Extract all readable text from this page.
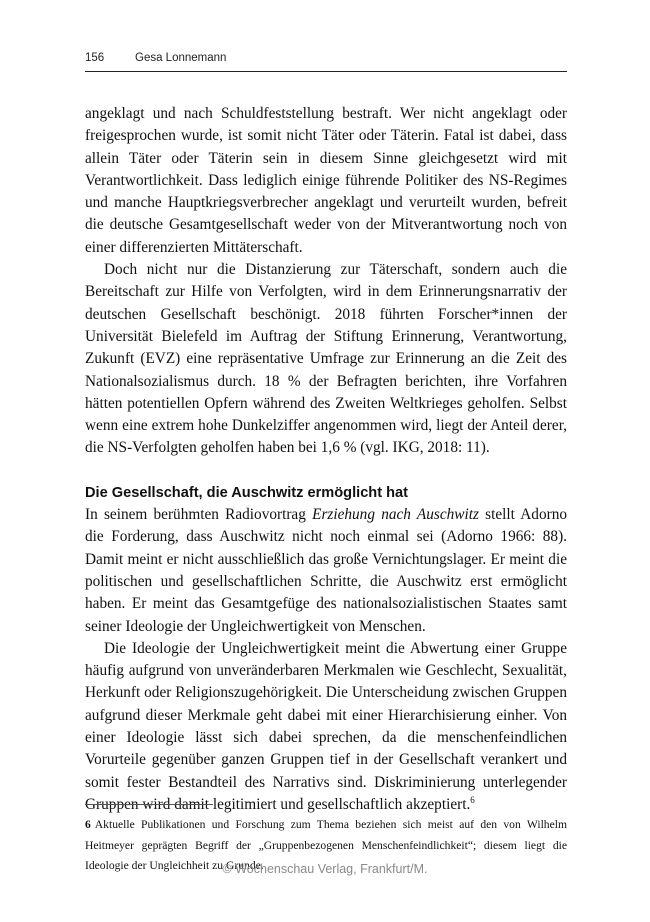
156	Gesa Lonnemann

angeklagt und nach Schuldfeststellung bestraft. Wer nicht angeklagt oder freigesprochen wurde, ist somit nicht Täter oder Täterin. Fatal ist dabei, dass allein Täter oder Täterin sein in diesem Sinne gleichgesetzt wird mit Verantwortlichkeit. Dass lediglich einige führende Politiker des NS-Regimes und manche Hauptkriegsverbrecher angeklagt und verurteilt wurden, befreit die deutsche Gesamtgesellschaft weder von der Mitverantwortung noch von einer differenzierten Mittäterschaft.

Doch nicht nur die Distanzierung zur Täterschaft, sondern auch die Bereitschaft zur Hilfe von Verfolgten, wird in dem Erinnerungsnarrativ der deutschen Gesellschaft beschönigt. 2018 führten Forscher*innen der Universität Bielefeld im Auftrag der Stiftung Erinnerung, Verantwortung, Zukunft (EVZ) eine repräsentative Umfrage zur Erinnerung an die Zeit des Nationalsozialismus durch. 18 % der Befragten berichten, ihre Vorfahren hätten potentiellen Opfern während des Zweiten Weltkrieges geholfen. Selbst wenn eine extrem hohe Dunkelziffer angenommen wird, liegt der Anteil derer, die NS-Verfolgten geholfen haben bei 1,6 % (vgl. IKG, 2018: 11).

Die Gesellschaft, die Auschwitz ermöglicht hat

In seinem berühmten Radiovortrag Erziehung nach Auschwitz stellt Adorno die Forderung, dass Auschwitz nicht noch einmal sei (Adorno 1966: 88). Damit meint er nicht ausschließlich das große Vernichtungslager. Er meint die politischen und gesellschaftlichen Schritte, die Auschwitz erst ermöglicht haben. Er meint das Gesamtgefüge des nationalsozialistischen Staates samt seiner Ideologie der Ungleichwertigkeit von Menschen.

Die Ideologie der Ungleichwertigkeit meint die Abwertung einer Gruppe häufig aufgrund von unveränderbaren Merkmalen wie Geschlecht, Sexualität, Herkunft oder Religionszugehörigkeit. Die Unterscheidung zwischen Gruppen aufgrund dieser Merkmale geht dabei mit einer Hierarchisierung einher. Von einer Ideologie lässt sich dabei sprechen, da die menschenfeindlichen Vorurteile gegenüber ganzen Gruppen tief in der Gesellschaft verankert und somit fester Bestandteil des Narrativs sind. Diskriminierung unterlegender Gruppen wird damit legitimiert und gesellschaftlich akzeptiert.$^6$

6 Aktuelle Publikationen und Forschung zum Thema beziehen sich meist auf den von Wilhelm Heitmeyer geprägten Begriff der „Gruppenbezogenen Menschenfeindlichkeit“; diesem liegt die Ideologie der Ungleichheit zu Grunde.
© Wochenschau Verlag, Frankfurt/M.
